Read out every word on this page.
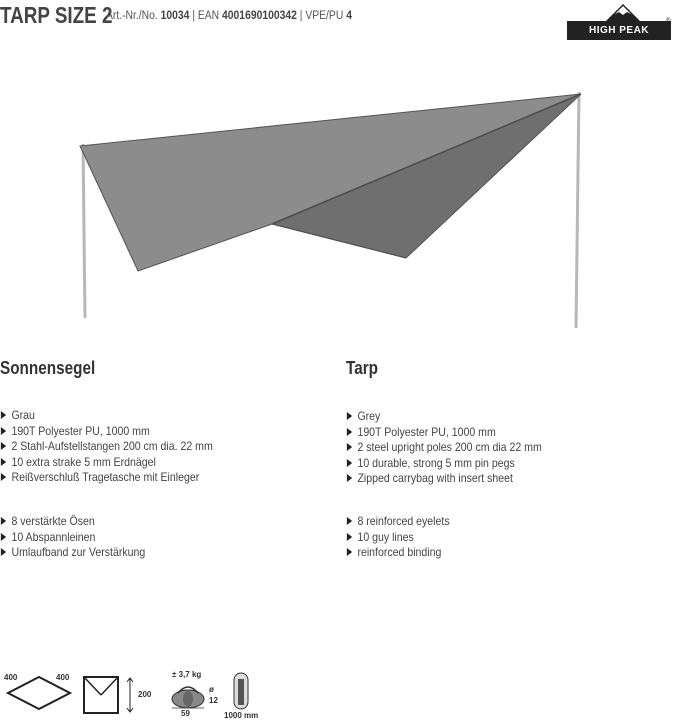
TARP SIZE 2
Art.-Nr./No. 10034 | EAN 4001690100342 | VPE/PU 4
HIGH PEAK
®
Sonnensegel
Grau
190T Polyester PU, 1000 mm
2 Stahl-Aufstellstangen 200 cm dia. 22 mm
10 extra strake 5 mm Erdnägel
Reißverschluß Tragetasche mit Einleger
8 verstärkte Ösen
10 Abspannleinen
Umlaufband zur Verstärkung
Tarp
Grey
190T Polyester PU, 1000 mm
2 steel upright poles 200 cm dia 22 mm
10 durable, strong 5 mm pin pegs
Zipped carrybag with insert sheet
8 reinforced eyelets
10 guy lines
reinforced binding
400	400
200
± 3,7 kg
ø
12
59	1000 mm
